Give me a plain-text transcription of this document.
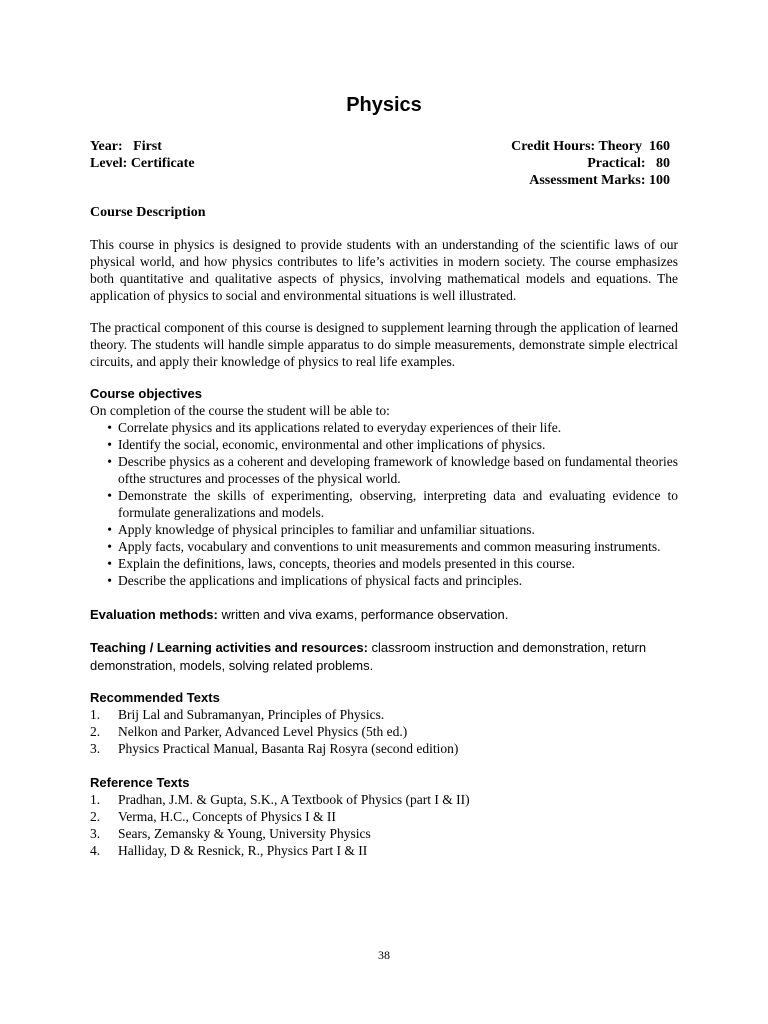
Physics
Year:   First
Level: Certificate
Credit Hours: Theory  160
Practical:   80
Assessment Marks: 100
Course Description

This course in physics is designed to provide students with an understanding of the scientific laws of our physical world, and how physics contributes to life’s activities in modern society. The course emphasizes both quantitative and qualitative aspects of physics, involving mathematical models and equations. The application of physics to social and environmental situations is well illustrated.

The practical component of this course is designed to supplement learning through the application of learned theory. The students will handle simple apparatus to do simple measurements, demonstrate simple electrical circuits, and apply their knowledge of physics to real life examples.

Course objectives

On completion of the course the student will be able to:

• Correlate physics and its applications related to everyday experiences of their life.
• Identify the social, economic, environmental and other implications of physics.
• Describe physics as a coherent and developing framework of knowledge based on fundamental theories ofthe structures and processes of the physical world.
• Demonstrate the skills of experimenting, observing, interpreting data and evaluating evidence to formulate generalizations and models.
• Apply knowledge of physical principles to familiar and unfamiliar situations.
• Apply facts, vocabulary and conventions to unit measurements and common measuring instruments.
• Explain the definitions, laws, concepts, theories and models presented in this course.
• Describe the applications and implications of physical facts and principles.

Evaluation methods: written and viva exams, performance observation.

Teaching / Learning activities and resources: classroom instruction and demonstration, return demonstration, models, solving related problems.

Recommended Texts
1. Brij Lal and Subramanyan, Principles of Physics.
2. Nelkon and Parker, Advanced Level Physics (5th ed.)
3. Physics Practical Manual, Basanta Raj Rosyra (second edition)
Reference Texts
1. Pradhan, J.M. & Gupta, S.K., A Textbook of Physics (part I & II)
2. Verma, H.C., Concepts of Physics I & II
3. Sears, Zemansky & Young, University Physics
4. Halliday, D & Resnick, R., Physics Part I & II
38
